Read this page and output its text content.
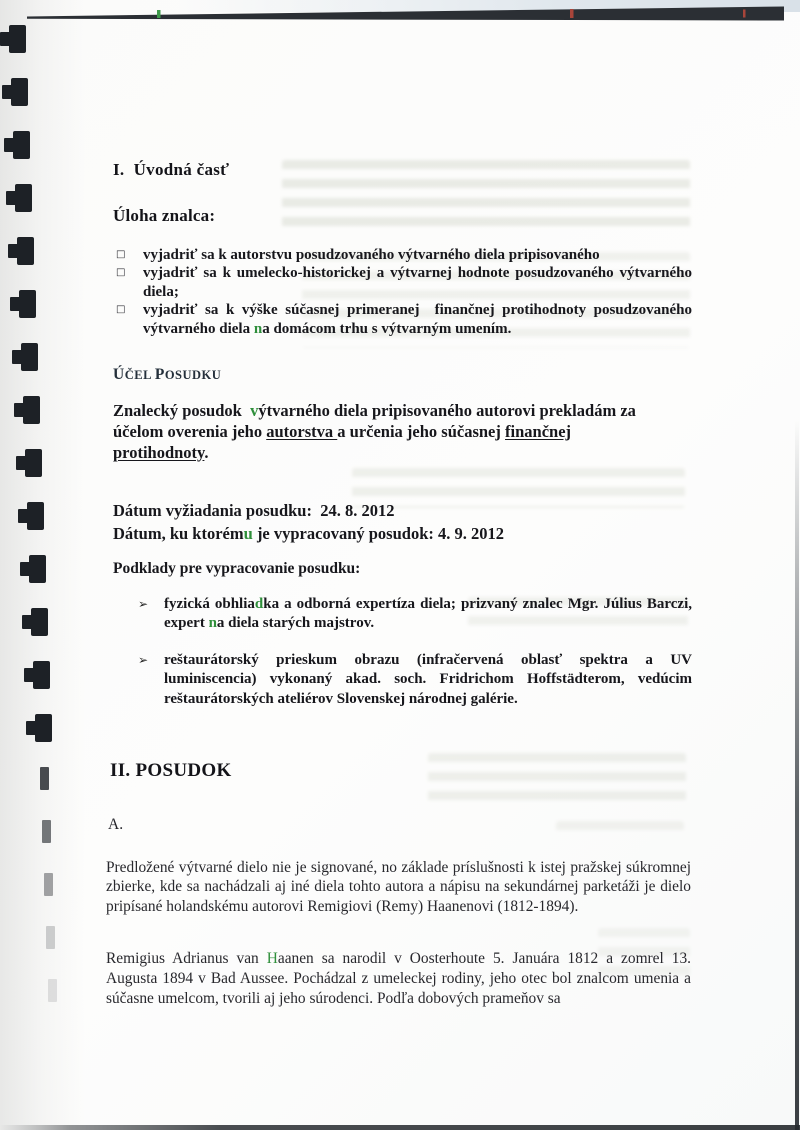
I.  Úvodná časť
Úloha znalca:
□	vyjadriť sa k autorstvu posudzovaného výtvarného diela pripisovaného
□	vyjadriť sa k umelecko-historickej a výtvarnej hodnote posudzovaného výtvarného diela;
□	vyjadriť sa k výške súčasnej primeranej  finančnej protihodnoty posudzovaného výtvarného diela na domácom trhu s výtvarným umením.
ÚČEL POSUDKU
Znalecký posudok  výtvarného diela pripisovaného autorovi prekladám za
účelom overenia jeho autorstva a určenia jeho súčasnej finančnej
protihodnoty.
Dátum vyžiadania posudku:  24. 8. 2012
Dátum, ku ktorému je vypracovaný posudok: 4. 9. 2012
Podklady pre vypracovanie posudku:
➢	fyzická obhliadka a odborná expertíza diela; prizvaný znalec Mgr. Július Barczi, expert na diela starých majstrov.
➢	reštaurátorský prieskum obrazu (infračervená oblasť spektra a UV luminiscencia) vykonaný akad. soch. Fridrichom Hoffstädterom, vedúcim reštaurátorských ateliérov Slovenskej národnej galérie.
II. POSUDOK
A.
Predložené výtvarné dielo nie je signované, no základe príslušnosti k istej pražskej súkromnej zbierke, kde sa nachádzali aj iné diela tohto autora a nápisu na sekundárnej parketáži je dielo pripísané holandskému autorovi Remigiovi (Remy) Haanenovi (1812-1894).
Remigius Adrianus van Haanen sa narodil v Oosterhoute 5. Januára 1812 a zomrel 13. Augusta 1894 v Bad Aussee. Pochádzal z umeleckej rodiny, jeho otec bol znalcom umenia a súčasne umelcom, tvorili aj jeho súrodenci. Podľa dobových prameňov sa
